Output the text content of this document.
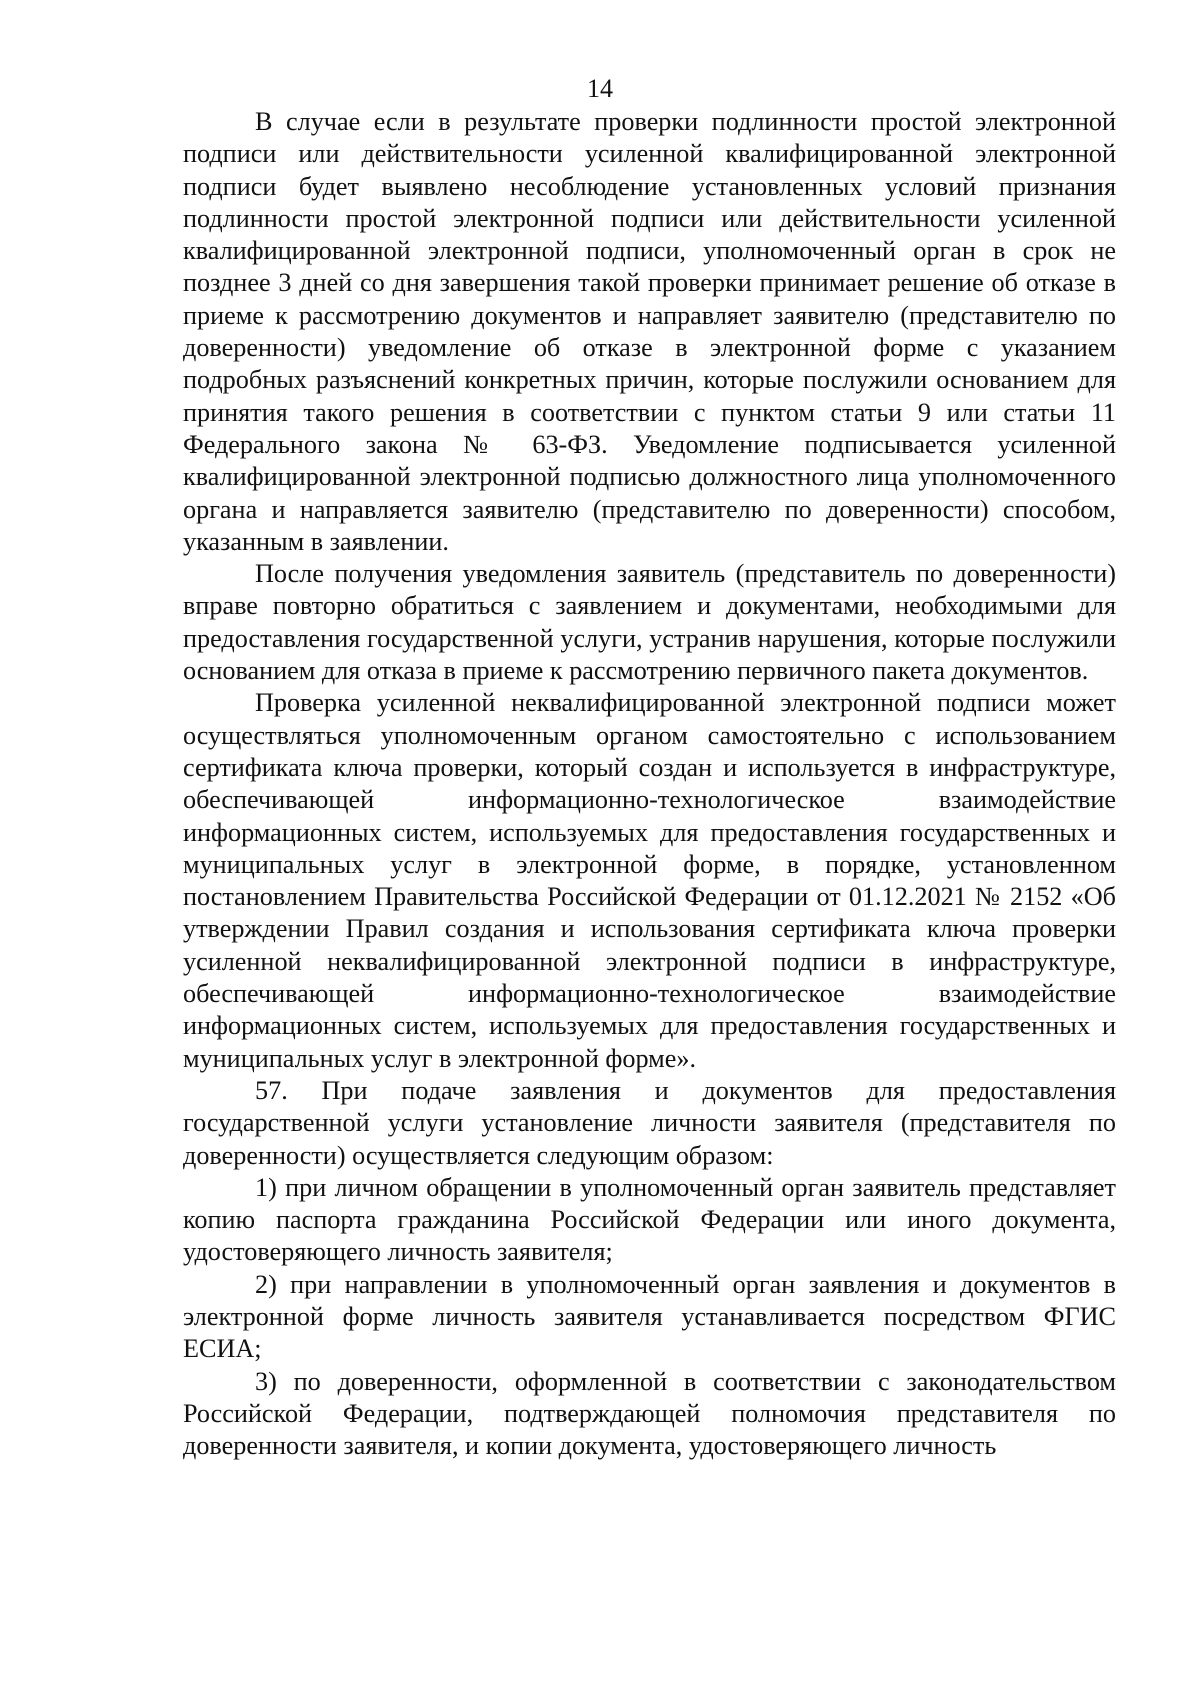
14

В случае если в результате проверки подлинности простой электронной подписи или действительности усиленной квалифицированной электронной подписи будет выявлено несоблюдение установленных условий признания подлинности простой электронной подписи или действительности усиленной квалифицированной электронной подписи, уполномоченный орган в срок не позднее 3 дней со дня завершения такой проверки принимает решение об отказе в приеме к рассмотрению документов и направляет заявителю (представителю по доверенности) уведомление об отказе в электронной форме с указанием подробных разъяснений конкретных причин, которые послужили основанием для принятия такого решения в соответствии с пунктом статьи 9 или статьи 11 Федерального закона № 63-ФЗ. Уведомление подписывается усиленной квалифицированной электронной подписью должностного лица уполномоченного органа и направляется заявителю (представителю по доверенности) способом, указанным в заявлении.

После получения уведомления заявитель (представитель по доверенности) вправе повторно обратиться с заявлением и документами, необходимыми для предоставления государственной услуги, устранив нарушения, которые послужили основанием для отказа в приеме к рассмотрению первичного пакета документов.

Проверка усиленной неквалифицированной электронной подписи может осуществляться уполномоченным органом самостоятельно с использованием сертификата ключа проверки, который создан и используется в инфраструктуре, обеспечивающей информационно-технологическое взаимодействие информационных систем, используемых для предоставления государственных и муниципальных услуг в электронной форме, в порядке, установленном постановлением Правительства Российской Федерации от 01.12.2021 № 2152 «Об утверждении Правил создания и использования сертификата ключа проверки усиленной неквалифицированной электронной подписи в инфраструктуре, обеспечивающей информационно-технологическое взаимодействие информационных систем, используемых для предоставления государственных и муниципальных услуг в электронной форме».

57. При подаче заявления и документов для предоставления государственной услуги установление личности заявителя (представителя по доверенности) осуществляется следующим образом:

1) при личном обращении в уполномоченный орган заявитель представляет копию паспорта гражданина Российской Федерации или иного документа, удостоверяющего личность заявителя;

2) при направлении в уполномоченный орган заявления и документов в электронной форме личность заявителя устанавливается посредством ФГИС ЕСИА;

3) по доверенности, оформленной в соответствии с законодательством Российской Федерации, подтверждающей полномочия представителя по доверенности заявителя, и копии документа, удостоверяющего личность
